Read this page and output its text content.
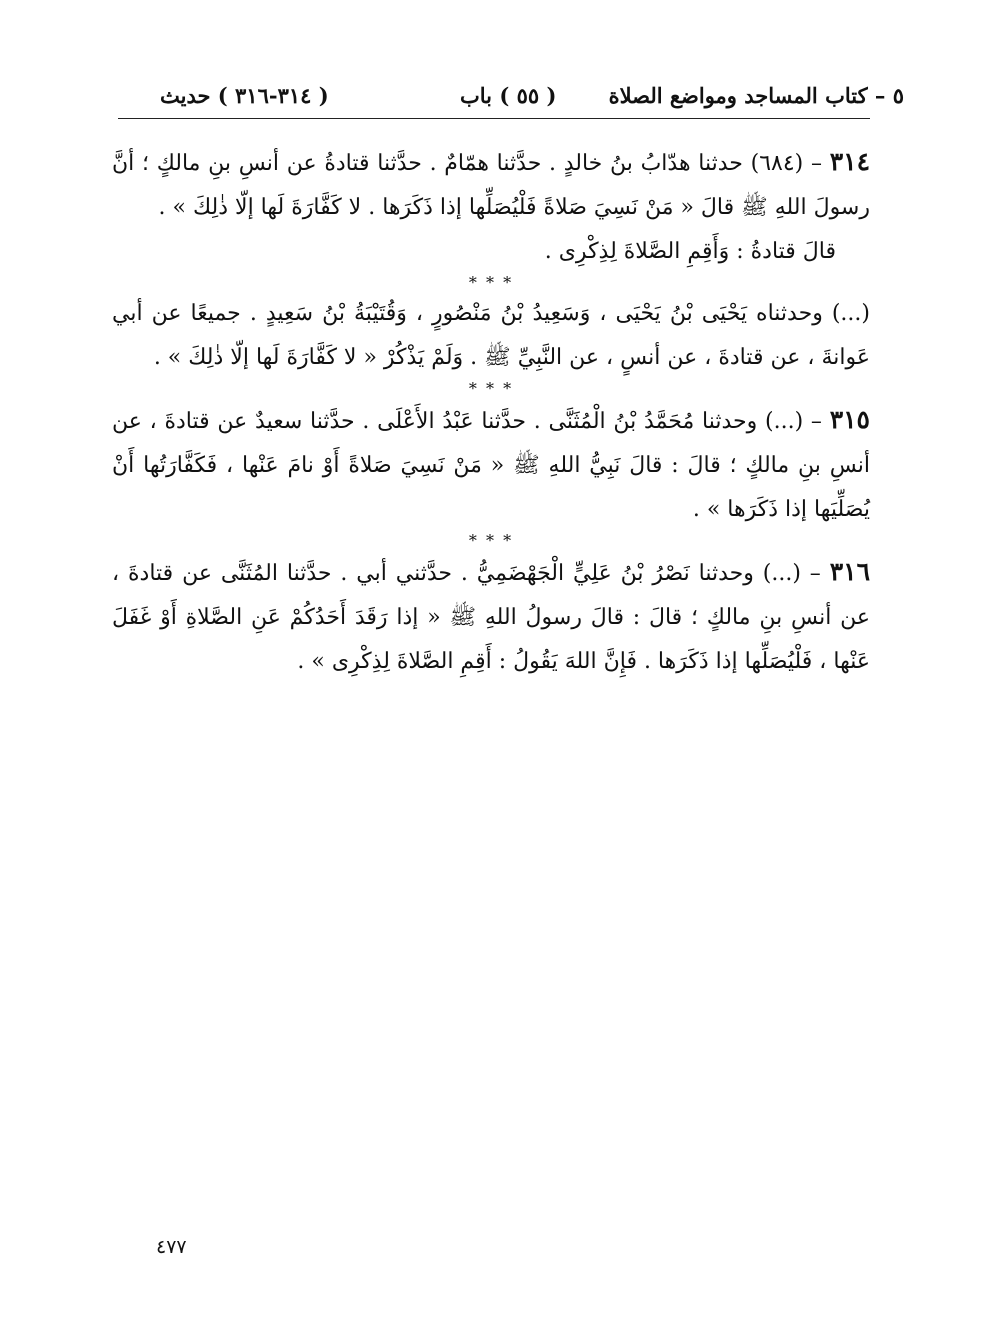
٥ – كتاب المساجد ومواضع الصلاة
( ٥٥ ) باب
( ٣١٤-٣١٦ ) حديث

٣١٤ – (٦٨٤) حدثنا هدّابُ بنُ خالدٍ . حدَّثنا همّامٌ . حدَّثنا قتادةُ عن أنسِ بنِ مالكٍ ؛ أنَّ رسولَ اللهِ ﷺ قالَ « مَنْ نَسِيَ صَلاةً فَلْيُصَلِّها إذا ذَكَرَها . لا كَفَّارَةَ لَها إلّا ذٰلِكَ » .

قالَ قتادةُ : وَأَقِمِ الصَّلاةَ لِذِكْرِى .

* * *

(...) وحدثناه يَحْيَى بْنُ يَحْيَى ، وَسَعِيدُ بْنُ مَنْصُورٍ ، وَقُتَيْبَةُ بْنُ سَعِيدٍ . جميعًا عن أبي عَوانةَ ، عن قتادةَ ، عن أنسٍ ، عن النَّبِيِّ ﷺ . وَلَمْ يَذْكُرْ « لا كَفَّارَةَ لَها إلّا ذٰلِكَ » .

* * *

٣١٥ – (...) وحدثنا مُحَمَّدُ بْنُ الْمُثَنَّى . حدَّثنا عَبْدُ الأَعْلَى . حدَّثنا سعيدٌ عن قتادةَ ، عن أنسِ بنِ مالكٍ ؛ قالَ : قالَ نَبِيُّ اللهِ ﷺ « مَنْ نَسِيَ صَلاةً أَوْ نامَ عَنْها ، فَكَفَّارَتُها أَنْ يُصَلِّيَها إذا ذَكَرَها » .

* * *

٣١٦ – (...) وحدثنا نَصْرُ بْنُ عَلِيٍّ الْجَهْضَمِيُّ . حدَّثني أبي . حدَّثنا المُثَنَّى عن قتادةَ ، عن أنسِ بنِ مالكٍ ؛ قالَ : قالَ رسولُ اللهِ ﷺ « إذا رَقَدَ أَحَدُكُمْ عَنِ الصَّلاةِ أَوْ غَفَلَ عَنْها ، فَلْيُصَلِّها إذا ذَكَرَها . فَإِنَّ اللهَ يَقُولُ : أَقِمِ الصَّلاةَ لِذِكْرِى » .

٤٧٧
